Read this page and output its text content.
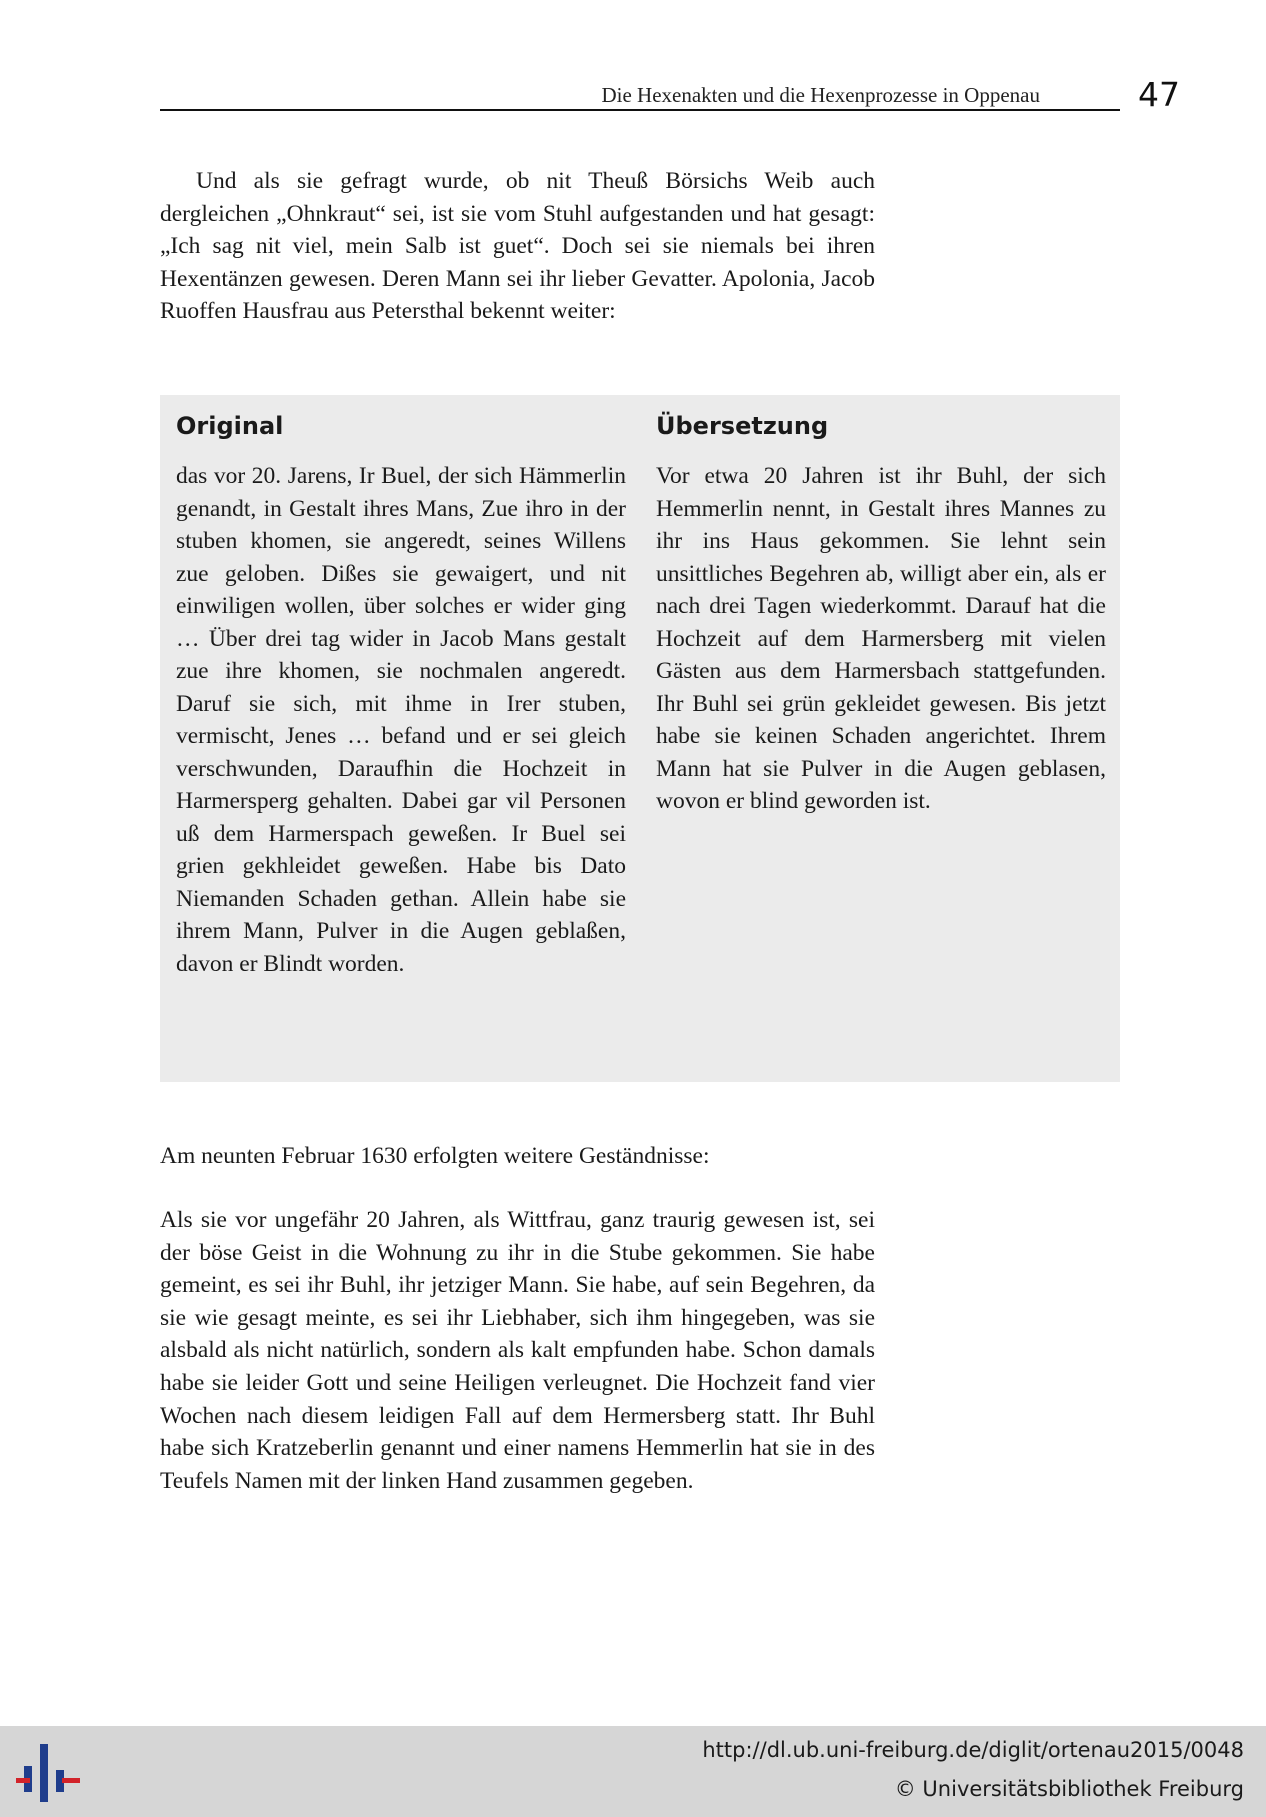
Die Hexenakten und die Hexenprozesse in Oppenau	47

Und als sie gefragt wurde, ob nit Theuß Börsichs Weib auch dergleichen „Ohnkraut“ sei, ist sie vom Stuhl aufgestanden und hat gesagt: „Ich sag nit viel, mein Salb ist guet“. Doch sei sie niemals bei ihren Hexentänzen gewesen. Deren Mann sei ihr lieber Gevatter. Apolonia, Jacob Ruoffen Hausfrau aus Petersthal bekennt weiter:

Original	Übersetzung

das vor 20. Jarens, Ir Buel, der sich Hämmerlin genandt, in Gestalt ihres Mans, Zue ihro in der stuben khomen, sie angeredt, seines Willens zue geloben. Dißes sie gewaigert, und nit einwiligen wollen, über solches er wider ging … Über drei tag wider in Jacob Mans gestalt zue ihre khomen, sie nochmalen angeredt. Daruf sie sich, mit ihme in Irer stuben, vermischt, Jenes … befand und er sei gleich verschwunden, Daraufhin die Hochzeit in Harmersperg gehalten. Dabei gar vil Personen uß dem Harmerspach geweßen. Ir Buel sei grien gekhleidet geweßen. Habe bis Dato Niemanden Schaden gethan. Allein habe sie ihrem Mann, Pulver in die Augen geblaßen, davon er Blindt worden.

Vor etwa 20 Jahren ist ihr Buhl, der sich Hemmerlin nennt, in Gestalt ihres Mannes zu ihr ins Haus gekommen. Sie lehnt sein unsittliches Begehren ab, willigt aber ein, als er nach drei Tagen wiederkommt. Darauf hat die Hochzeit auf dem Harmersberg mit vielen Gästen aus dem Harmersbach stattgefunden. Ihr Buhl sei grün gekleidet gewesen. Bis jetzt habe sie keinen Schaden angerichtet. Ihrem Mann hat sie Pulver in die Augen geblasen, wovon er blind geworden ist.

Am neunten Februar 1630 erfolgten weitere Geständnisse:

Als sie vor ungefähr 20 Jahren, als Wittfrau, ganz traurig gewesen ist, sei der böse Geist in die Wohnung zu ihr in die Stube gekommen. Sie habe gemeint, es sei ihr Buhl, ihr jetziger Mann. Sie habe, auf sein Begehren, da sie wie gesagt meinte, es sei ihr Liebhaber, sich ihm hingegeben, was sie alsbald als nicht natürlich, sondern als kalt empfunden habe. Schon damals habe sie leider Gott und seine Heiligen verleugnet. Die Hochzeit fand vier Wochen nach diesem leidigen Fall auf dem Hermersberg statt. Ihr Buhl habe sich Kratzeberlin genannt und einer namens Hemmerlin hat sie in des Teufels Namen mit der linken Hand zusammen gegeben.

http://dl.ub.uni-freiburg.de/diglit/ortenau2015/0048
© Universitätsbibliothek Freiburg
